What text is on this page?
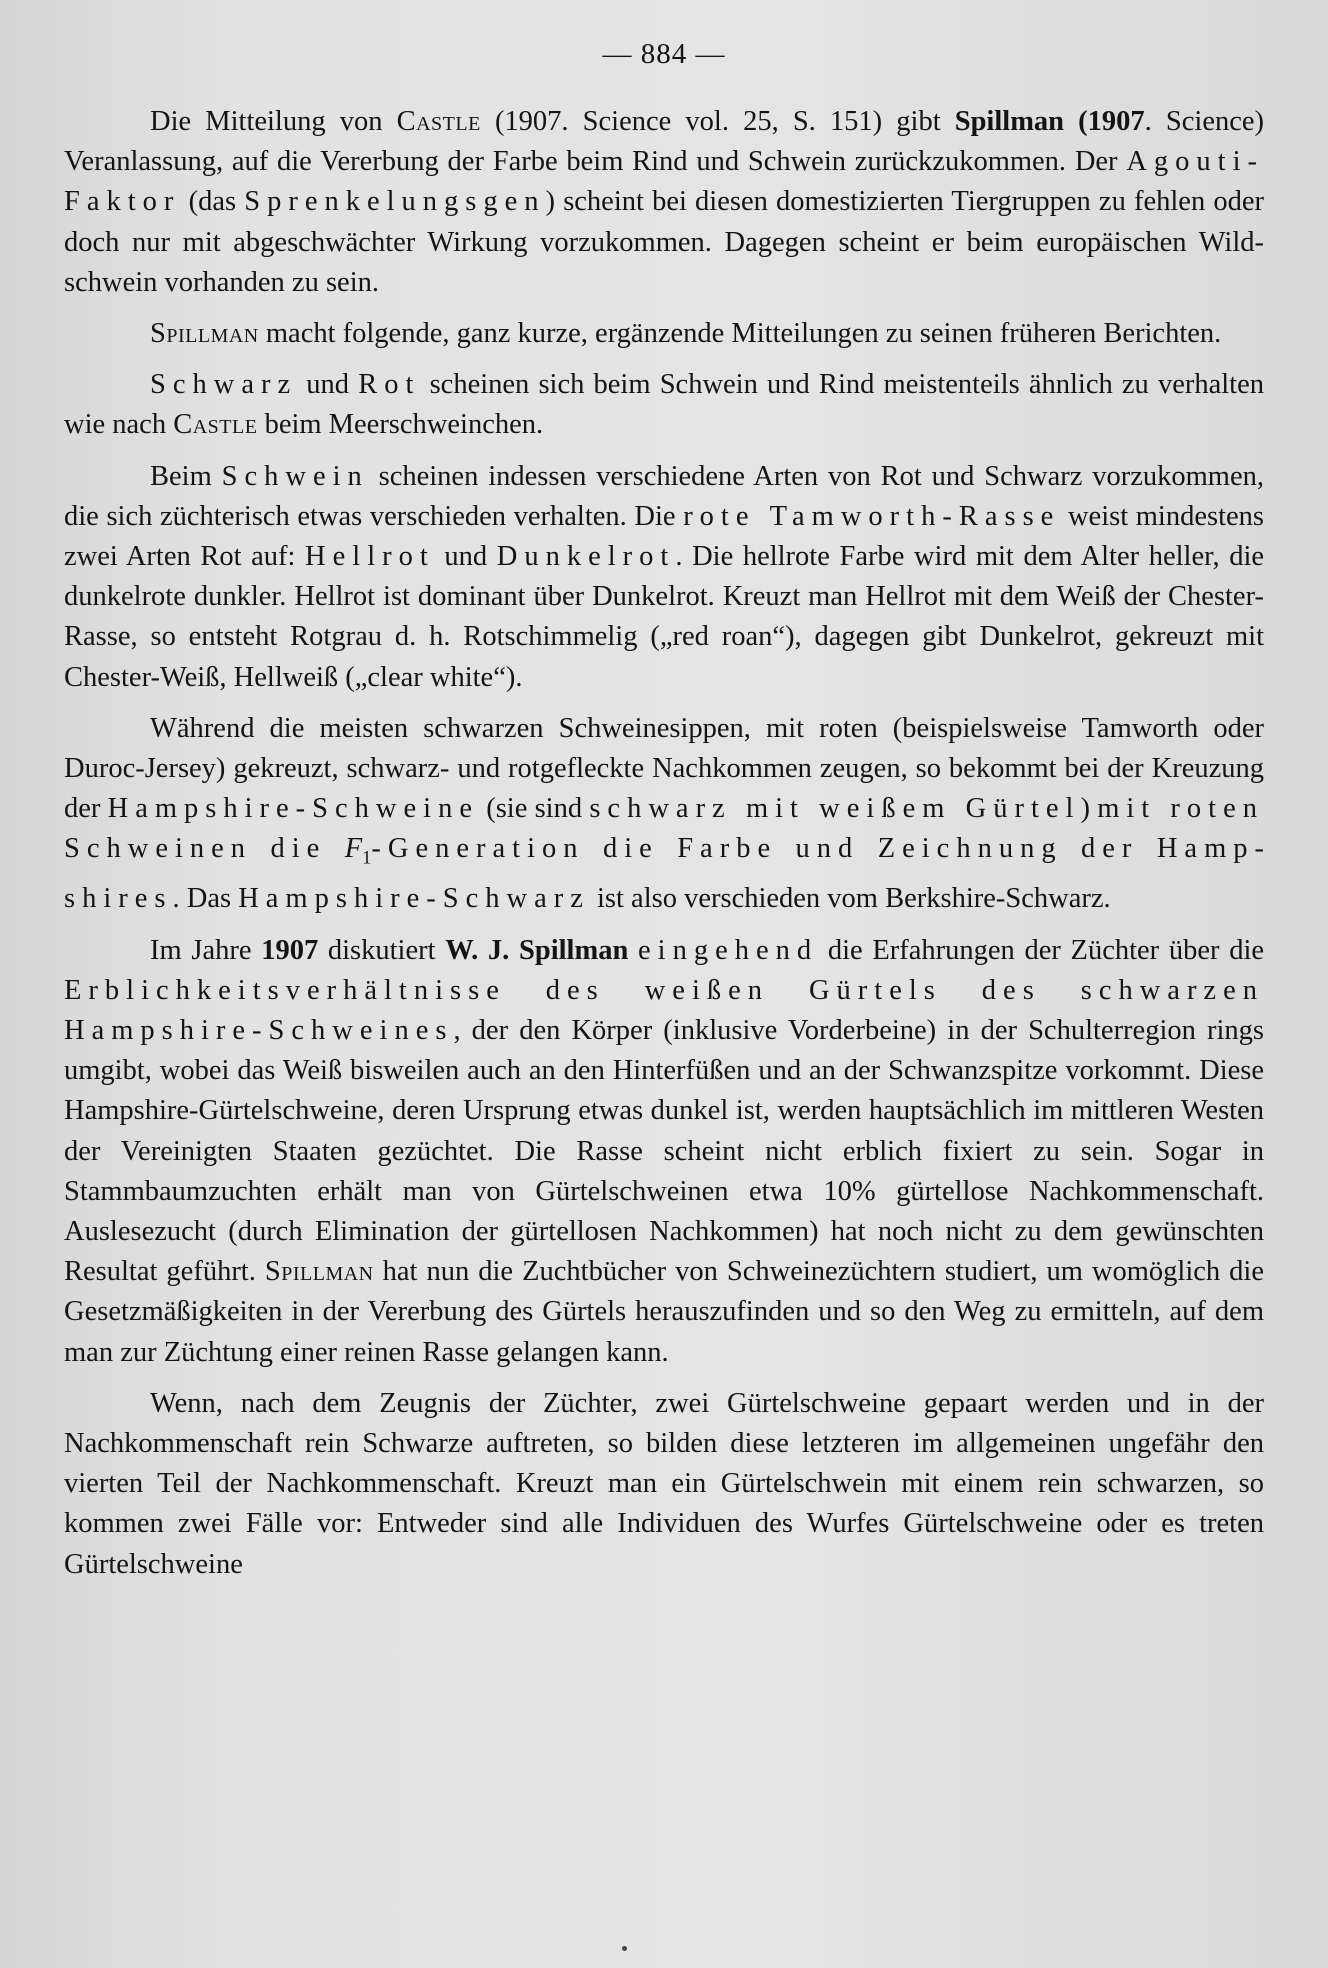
— 884 —

Die Mitteilung von Castle (1907. Science vol. 25, S. 151) gibt Spillman (1907. Science) Veranlassung, auf die Vererbung der Farbe beim Rind und Schwein zurückzukommen. Der Agouti-Faktor (das Sprenkelungsgen) scheint bei diesen domestizierten Tiergruppen zu fehlen oder doch nur mit abgeschwächter Wirkung vorzukommen. Dagegen scheint er beim europäischen Wildschwein vorhanden zu sein.

Spillman macht folgende, ganz kurze, ergänzende Mitteilungen zu seinen früheren Berichten.

Schwarz und Rot scheinen sich beim Schwein und Rind meistenteils ähnlich zu verhalten wie nach Castle beim Meerschweinchen.

Beim Schwein scheinen indessen verschiedene Arten von Rot und Schwarz vorzukommen, die sich züchterisch etwas verschieden verhalten. Die rote Tamworth-Rasse weist mindestens zwei Arten Rot auf: Hellrot und Dunkelrot. Die hellrote Farbe wird mit dem Alter heller, die dunkelrote dunkler. Hellrot ist dominant über Dunkelrot. Kreuzt man Hellrot mit dem Weiß der Chester-Rasse, so entsteht Rotgrau d. h. Rotschimmelig („red roan“), dagegen gibt Dunkelrot, gekreuzt mit Chester-Weiß, Hellweiß („clear white“).

Während die meisten schwarzen Schweinesippen, mit roten (beispielsweise Tamworth oder Duroc-Jersey) gekreuzt, schwarz- und rotgefleckte Nachkommen zeugen, so bekommt bei der Kreuzung der Hampshire-Schweine (sie sind schwarz mit weißem Gürtel) mit roten Schweinen die $F_1$-Generation die Farbe und Zeichnung der Hampshires. Das Hampshire-Schwarz ist also verschieden vom Berkshire-Schwarz.

Im Jahre 1907 diskutiert W. J. Spillman eingehend die Erfahrungen der Züchter über die Erblichkeitsverhältnisse des weißen Gürtels des schwarzen Hampshire-Schweines, der den Körper (inklusive Vorderbeine) in der Schulterregion rings umgibt, wobei das Weiß bisweilen auch an den Hinterfüßen und an der Schwanzspitze vorkommt. Diese Hampshire-Gürtelschweine, deren Ursprung etwas dunkel ist, werden hauptsächlich im mittleren Westen der Vereinigten Staaten gezüchtet. Die Rasse scheint nicht erblich fixiert zu sein. Sogar in Stammbaumzuchten erhält man von Gürtelschweinen etwa 10% gürtellose Nachkommenschaft. Auslesezucht (durch Elimination der gürtellosen Nachkommen) hat noch nicht zu dem gewünschten Resultat geführt. Spillman hat nun die Zuchtbücher von Schweinezüchtern studiert, um womöglich die Gesetzmäßigkeiten in der Vererbung des Gürtels herauszufinden und so den Weg zu ermitteln, auf dem man zur Züchtung einer reinen Rasse gelangen kann.

Wenn, nach dem Zeugnis der Züchter, zwei Gürtelschweine gepaart werden und in der Nachkommenschaft rein Schwarze auftreten, so bilden diese letzteren im allgemeinen ungefähr den vierten Teil der Nachkommenschaft. Kreuzt man ein Gürtelschwein mit einem rein schwarzen, so kommen zwei Fälle vor: Entweder sind alle Individuen des Wurfes Gürtelschweine oder es treten Gürtelschweine
